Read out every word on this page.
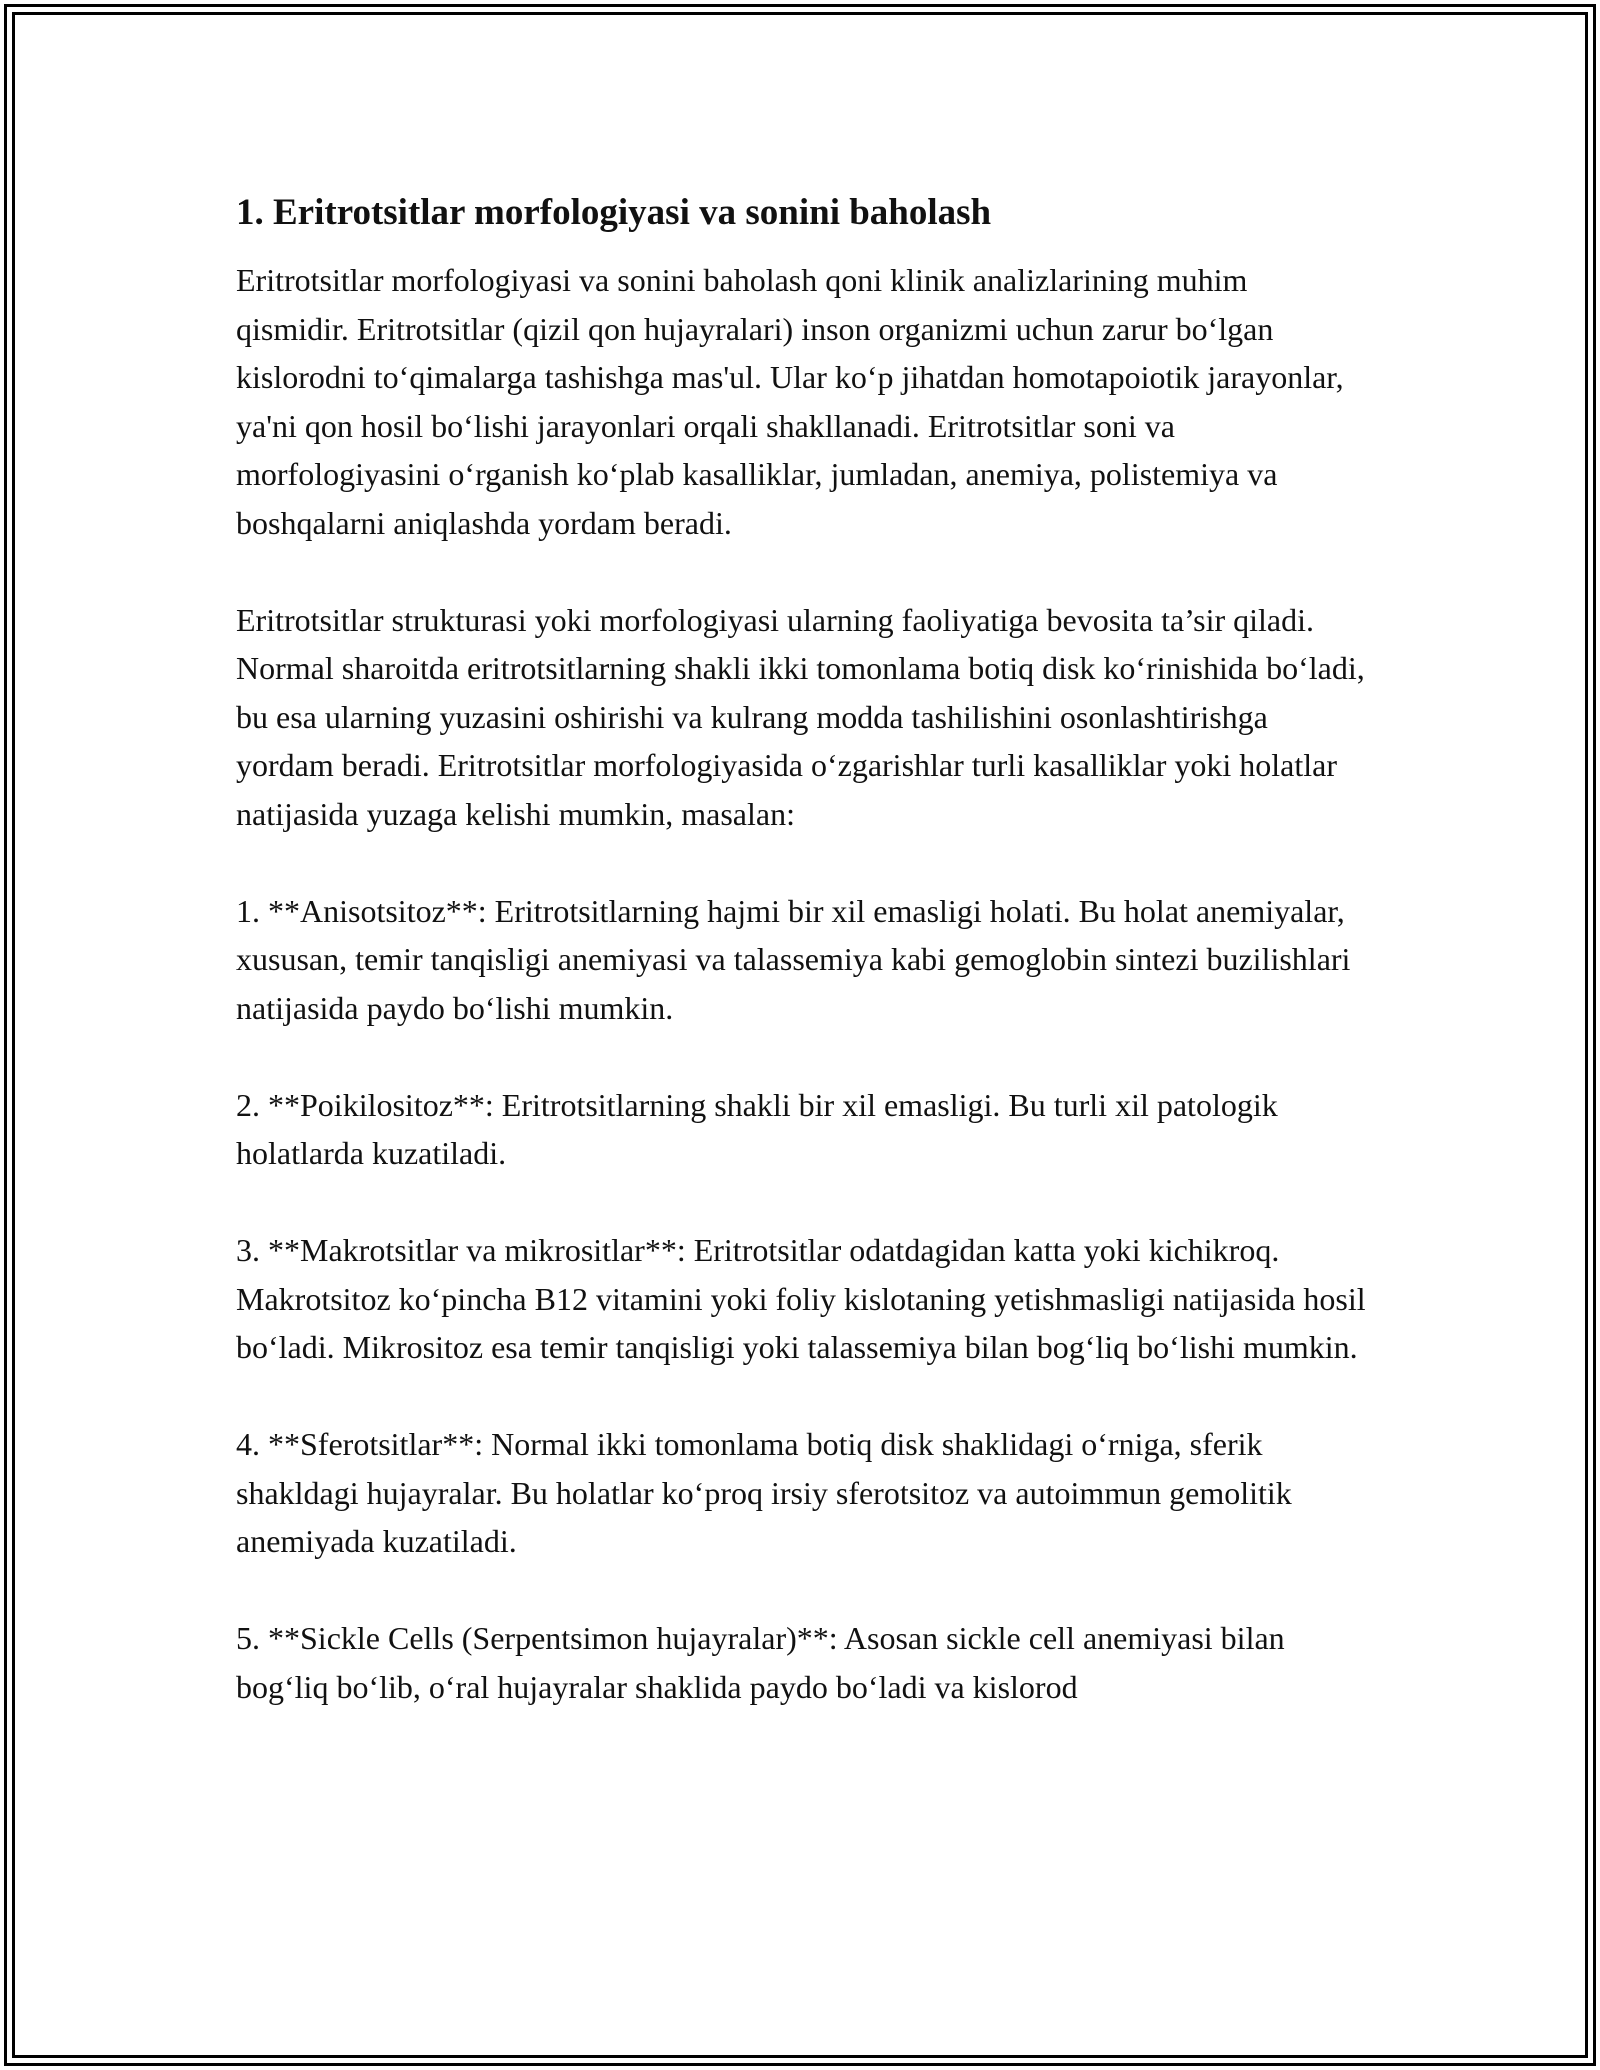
1. Eritrotsitlar morfologiyasi va sonini baholash

Eritrotsitlar morfologiyasi va sonini baholash qoni klinik analizlarining muhim qismidir. Eritrotsitlar (qizil qon hujayralari) inson organizmi uchun zarur bo‘lgan kislorodni to‘qimalarga tashishga mas'ul. Ular ko‘p jihatdan homotapoiotik jarayonlar, ya'ni qon hosil bo‘lishi jarayonlari orqali shakllanadi. Eritrotsitlar soni va morfologiyasini o‘rganish ko‘plab kasalliklar, jumladan, anemiya, polistemiya va boshqalarni aniqlashda yordam beradi.

Eritrotsitlar strukturasi yoki morfologiyasi ularning faoliyatiga bevosita ta’sir qiladi. Normal sharoitda eritrotsitlarning shakli ikki tomonlama botiq disk ko‘rinishida bo‘ladi, bu esa ularning yuzasini oshirishi va kulrang modda tashilishini osonlashtirishga yordam beradi. Eritrotsitlar morfologiyasida o‘zgarishlar turli kasalliklar yoki holatlar natijasida yuzaga kelishi mumkin, masalan:

1. **Anisotsitoz**: Eritrotsitlarning hajmi bir xil emasligi holati. Bu holat anemiyalar, xususan, temir tanqisligi anemiyasi va talassemiya kabi gemoglobin sintezi buzilishlari natijasida paydo bo‘lishi mumkin.

2. **Poikilositoz**: Eritrotsitlarning shakli bir xil emasligi. Bu turli xil patologik holatlarda kuzatiladi.

3. **Makrotsitlar va mikrositlar**: Eritrotsitlar odatdagidan katta yoki kichikroq. Makrotsitoz ko‘pincha B12 vitamini yoki foliy kislotaning yetishmasligi natijasida hosil bo‘ladi. Mikrositoz esa temir tanqisligi yoki talassemiya bilan bog‘liq bo‘lishi mumkin.

4. **Sferotsitlar**: Normal ikki tomonlama botiq disk shaklidagi o‘rniga, sferik shakldagi hujayralar. Bu holatlar ko‘proq irsiy sferotsitoz va autoimmun gemolitik anemiyada kuzatiladi.

5. **Sickle Cells (Serpentsimon hujayralar)**: Asosan sickle cell anemiyasi bilan bog‘liq bo‘lib, o‘ral hujayralar shaklida paydo bo‘ladi va kislorod
